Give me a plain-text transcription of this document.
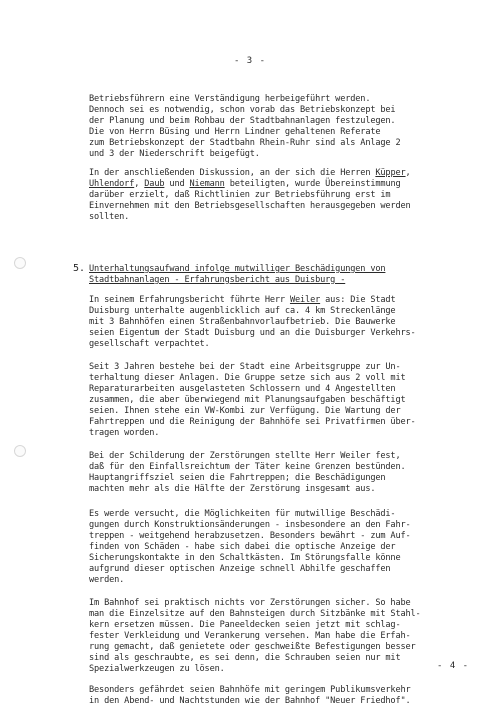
- 3 -

Betriebsführern eine Verständigung herbeigeführt werden.
Dennoch sei es notwendig, schon vorab das Betriebskonzept bei
der Planung und beim Rohbau der Stadtbahnanlagen festzulegen.
Die von Herrn Büsing und Herrn Lindner gehaltenen Referate
zum Betriebskonzept der Stadtbahn Rhein-Ruhr sind als Anlage 2
und 3 der Niederschrift beigefügt.

In der anschließenden Diskussion, an der sich die Herren Küpper,
Uhlendorf, Daub und Niemann beteiligten, wurde Übereinstimmung
darüber erzielt, daß Richtlinien zur Betriebsführung erst im
Einvernehmen mit den Betriebsgesellschaften herausgegeben werden
sollten.

5. Unterhaltungsaufwand infolge mutwilliger Beschädigungen von
Stadtbahnanlagen - Erfahrungsbericht aus Duisburg -

In seinem Erfahrungsbericht führte Herr Weiler aus: Die Stadt
Duisburg unterhalte augenblicklich auf ca. 4 km Streckenlänge
mit 3 Bahnhöfen einen Straßenbahnvorlaufbetrieb. Die Bauwerke
seien Eigentum der Stadt Duisburg und an die Duisburger Verkehrs-
gesellschaft verpachtet.

Seit 3 Jahren bestehe bei der Stadt eine Arbeitsgruppe zur Un-
terhaltung dieser Anlagen. Die Gruppe setze sich aus 2 voll mit
Reparaturarbeiten ausgelasteten Schlossern und 4 Angestellten
zusammen, die aber überwiegend mit Planungsaufgaben beschäftigt
seien. Ihnen stehe ein VW-Kombi zur Verfügung. Die Wartung der
Fahrtreppen und die Reinigung der Bahnhöfe sei Privatfirmen über-
tragen worden.

Bei der Schilderung der Zerstörungen stellte Herr Weiler fest,
daß für den Einfallsreichtum der Täter keine Grenzen bestünden.
Hauptangriffsziel seien die Fahrtreppen; die Beschädigungen
machten mehr als die Hälfte der Zerstörung insgesamt aus.

Es werde versucht, die Möglichkeiten für mutwillige Beschädi-
gungen durch Konstruktionsänderungen - insbesondere an den Fahr-
treppen - weitgehend herabzusetzen. Besonders bewährt - zum Auf-
finden von Schäden - habe sich dabei die optische Anzeige der
Sicherungskontakte in den Schaltkästen. Im Störungsfalle könne
aufgrund dieser optischen Anzeige schnell Abhilfe geschaffen
werden.

Im Bahnhof sei praktisch nichts vor Zerstörungen sicher. So habe
man die Einzelsitze auf den Bahnsteigen durch Sitzbänke mit Stahl-
kern ersetzen müssen. Die Paneeldecken seien jetzt mit schlag-
fester Verkleidung und Verankerung versehen. Man habe die Erfah-
rung gemacht, daß genietete oder geschweißte Befestigungen besser
sind als geschraubte, es sei denn, die Schrauben seien nur mit
Spezialwerkzeugen zu lösen.

Besonders gefährdet seien Bahnhöfe mit geringem Publikumsverkehr
in den Abend- und Nachtstunden wie der Bahnhof "Neuer Friedhof".

- 4 -
